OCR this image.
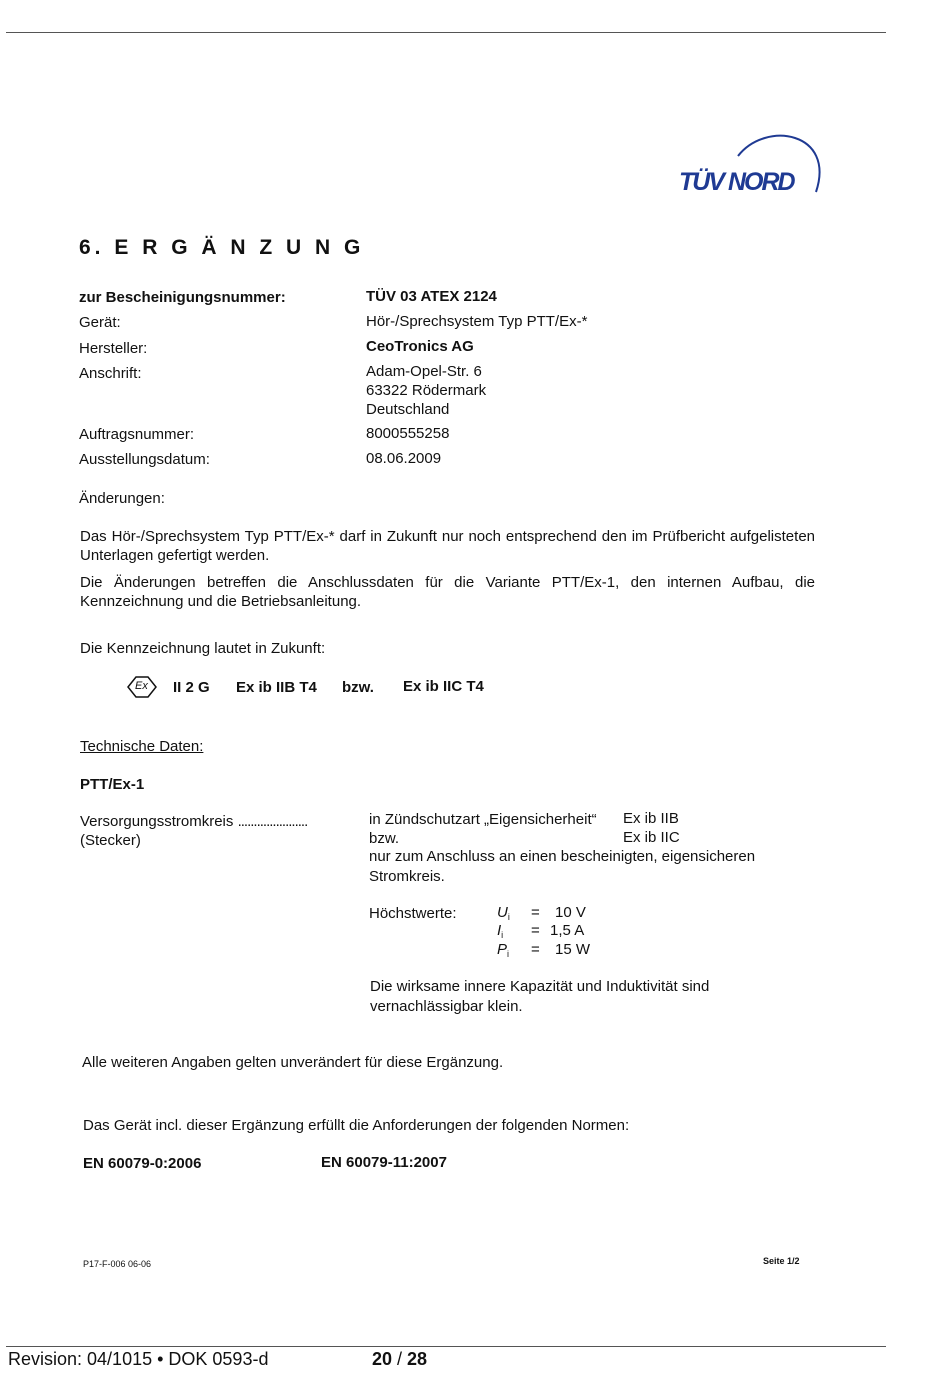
TÜV NORD
6. E R G Ä N Z U N G
zur Bescheinigungsnummer:	TÜV 03 ATEX 2124
Gerät:	Hör-/Sprechsystem Typ PTT/Ex-*
Hersteller:	CeoTronics AG
Anschrift:	Adam-Opel-Str. 6
63322 Rödermark
Deutschland
Auftragsnummer:	8000555258
Ausstellungsdatum:	08.06.2009
Änderungen:
Das Hör-/Sprechsystem Typ PTT/Ex-* darf in Zukunft nur noch entsprechend den im Prüfbericht aufgelisteten Unterlagen gefertigt werden.
Die Änderungen betreffen die Anschlussdaten für die Variante PTT/Ex-1, den internen Aufbau, die Kennzeichnung und die Betriebsanleitung.
Die Kennzeichnung lautet in Zukunft:
Ex II 2 G Ex ib IIB T4 bzw. Ex ib IIC T4
Technische Daten:
PTT/Ex-1
Versorgungsstromkreis ......................
(Stecker)
in Zündschutzart „Eigensicherheit“ Ex ib IIB
bzw.	Ex ib IIC
nur zum Anschluss an einen bescheinigten, eigensicheren
Stromkreis.
Höchstwerte:	$U_i = 10$ V
$I_i = 1,5$ A
$P_i = 15$ W
Die wirksame innere Kapazität und Induktivität sind
vernachlässigbar klein.
Alle weiteren Angaben gelten unverändert für diese Ergänzung.
Das Gerät incl. dieser Ergänzung erfüllt die Anforderungen der folgenden Normen:
EN 60079-0:2006	EN 60079-11:2007
P17-F-006 06-06	Seite 1/2
Revision: 04/1015 • DOK 0593-d	20 / 28
